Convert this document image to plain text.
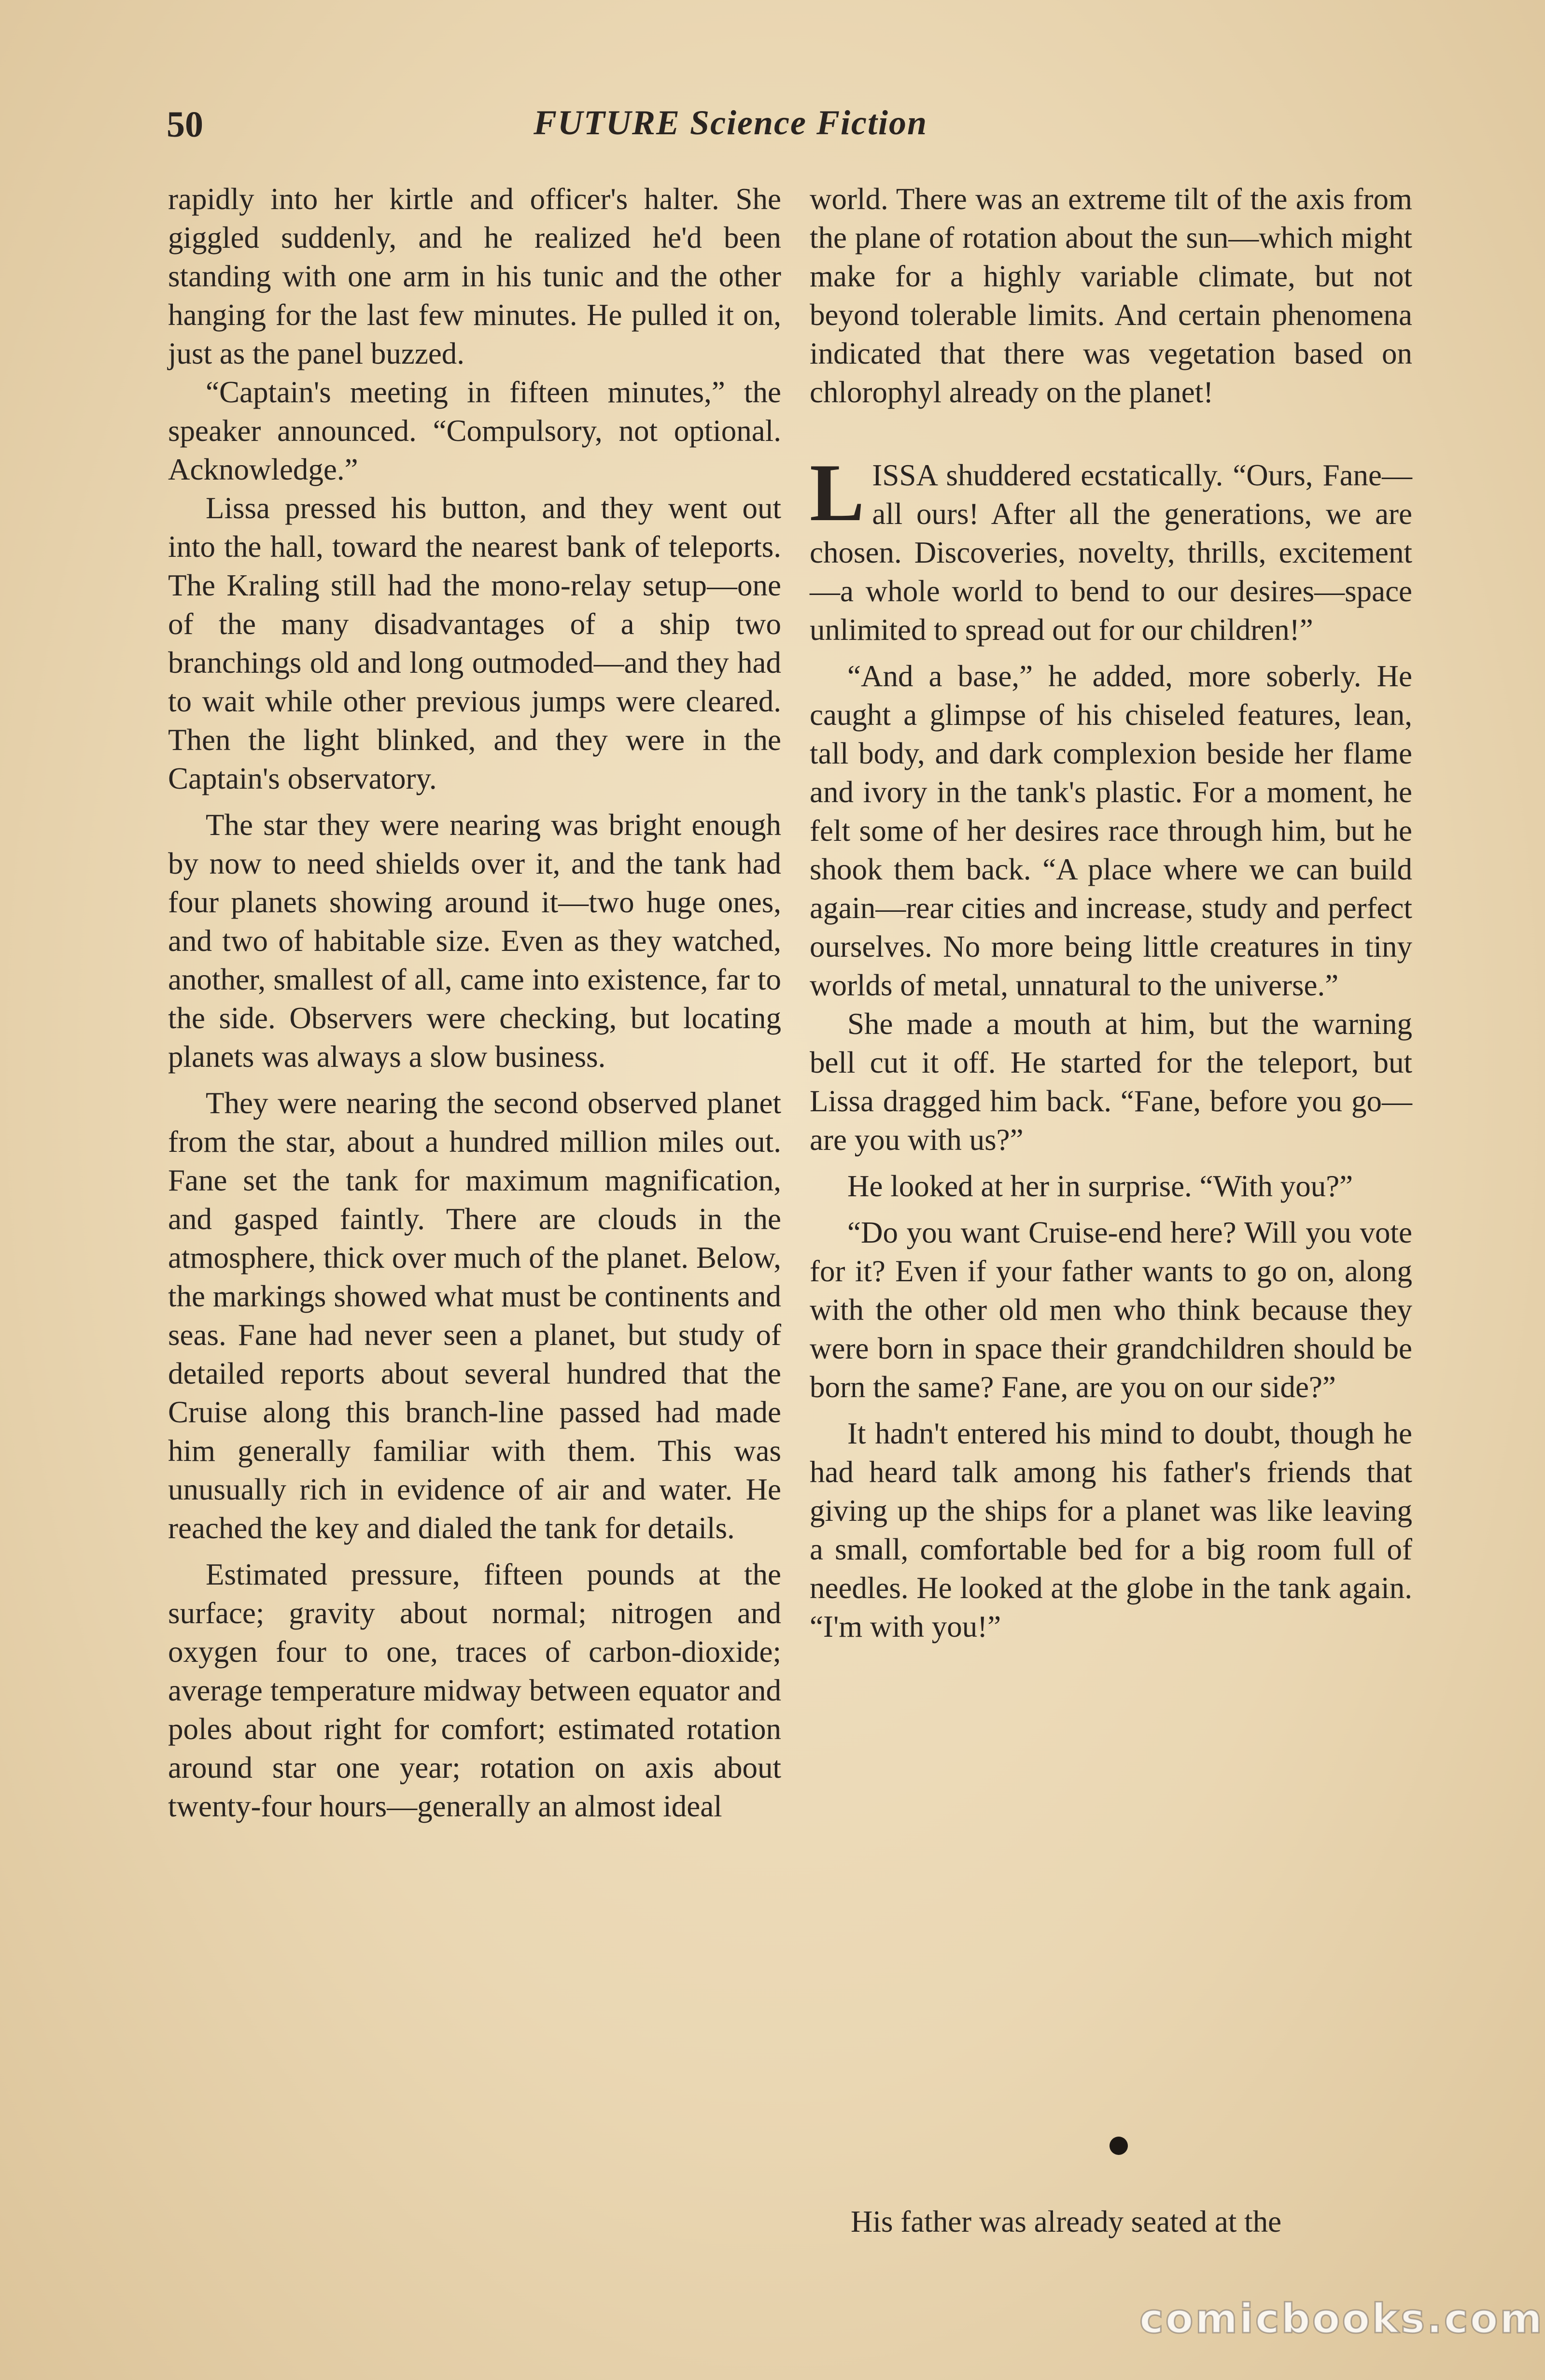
50	FUTURE Science Fiction

rapidly into her kirtle and officer's halter. She giggled suddenly, and he realized he'd been standing with one arm in his tunic and the other hanging for the last few minutes. He pulled it on, just as the panel buzzed.

“Captain's meeting in fifteen minutes,” the speaker announced. “Compulsory, not optional. Acknowledge.”

Lissa pressed his button, and they went out into the hall, toward the nearest bank of teleports. The Kraling still had the mono-relay setup—one of the many disadvantages of a ship two branchings old and long outmoded—and they had to wait while other previous jumps were cleared. Then the light blinked, and they were in the Captain's observatory.

The star they were nearing was bright enough by now to need shields over it, and the tank had four planets showing around it—two huge ones, and two of habitable size. Even as they watched, another, smallest of all, came into existence, far to the side. Observers were checking, but locating planets was always a slow business.

They were nearing the second observed planet from the star, about a hundred million miles out. Fane set the tank for maximum magnification, and gasped faintly. There are clouds in the atmosphere, thick over much of the planet. Below, the markings showed what must be continents and seas. Fane had never seen a planet, but study of detailed reports about several hundred that the Cruise along this branch-line passed had made him generally familiar with them. This was unusually rich in evidence of air and water. He reached the key and dialed the tank for details.

Estimated pressure, fifteen pounds at the surface; gravity about normal; nitrogen and oxygen four to one, traces of carbon-dioxide; average temperature midway between equator and poles about right for comfort; estimated rotation around star one year; rotation on axis about twenty-four hours—generally an almost ideal

world. There was an extreme tilt of the axis from the plane of rotation about the sun—which might make for a highly variable climate, but not beyond tolerable limits. And certain phenomena indicated that there was vegetation based on chlorophyl already on the planet!

LISSA shuddered ecstatically. “Ours, Fane—all ours! After all the generations, we are chosen. Discoveries, novelty, thrills, excitement—a whole world to bend to our desires—space unlimited to spread out for our children!”

“And a base,” he added, more soberly. He caught a glimpse of his chiseled features, lean, tall body, and dark complexion beside her flame and ivory in the tank's plastic. For a moment, he felt some of her desires race through him, but he shook them back. “A place where we can build again—rear cities and increase, study and perfect ourselves. No more being little creatures in tiny worlds of metal, unnatural to the universe.”

She made a mouth at him, but the warning bell cut it off. He started for the teleport, but Lissa dragged him back. “Fane, before you go—are you with us?”

He looked at her in surprise. “With you?”

“Do you want Cruise-end here? Will you vote for it? Even if your father wants to go on, along with the other old men who think because they were born in space their grandchildren should be born the same? Fane, are you on our side?”

It hadn't entered his mind to doubt, though he had heard talk among his father's friends that giving up the ships for a planet was like leaving a small, comfortable bed for a big room full of needles. He looked at the globe in the tank again. “I'm with you!”

His father was already seated at the
comicbooks.com
